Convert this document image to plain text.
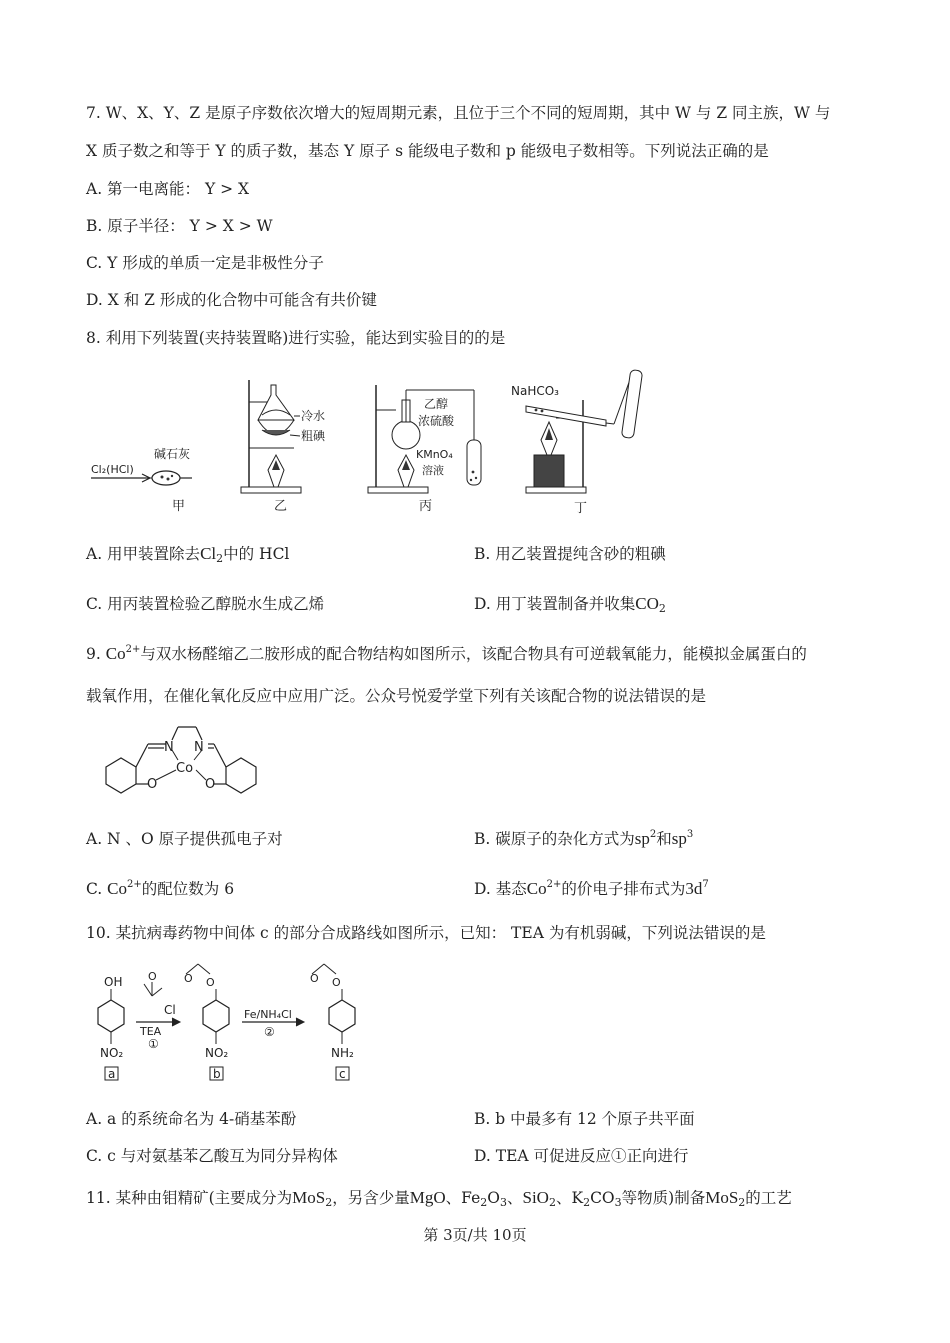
7. W、X、Y、Z 是原子序数依次增大的短周期元素，且位于三个不同的短周期，其中 W 与 Z 同主族，W 与
X 质子数之和等于 Y 的质子数，基态 Y 原子 s 能级电子数和 p 能级电子数相等。下列说法正确的是
A. 第一电离能： Y > X
B. 原子半径： Y > X > W
C. Y 形成的单质一定是非极性分子
D. X 和 Z 形成的化合物中可能含有共价键
8. 利用下列装置(夹持装置略)进行实验，能达到实验目的的是
Cl₂(HCl)
碱石灰
甲
冷水
粗碘
乙
乙醇
浓硫酸
KMnO₄
溶液
丙
NaHCO₃
丁
A. 用甲装置除去$Cl_2$中的 HCl	B. 用乙装置提纯含砂的粗碘
C. 用丙装置检验乙醇脱水生成乙烯	D. 用丁装置制备并收集$CO_2$
9. $Co^{2+}$与双水杨醛缩乙二胺形成的配合物结构如图所示，该配合物具有可逆载氧能力，能模拟金属蛋白的
载氧作用，在催化氧化反应中应用广泛。公众号悦爱学堂下列有关该配合物的说法错误的是
N N
Co
O	O
A. N 、O 原子提供孤电子对	B. 碳原子的杂化方式为$sp^2$和$sp^3$
C. $Co^{2+}$的配位数为 6	D. 基态$Co^{2+}$的价电子排布式为$3d^7$
10. 某抗病毒药物中间体 c 的部分合成路线如图所示，已知： TEA 为有机弱碱，下列说法错误的是
OH
NO₂
a
O
Cl
TEA
①
O O
NO₂
b
Fe/NH₄Cl
②
O O
NH₂
c
A. a 的系统命名为 4-硝基苯酚	B. b 中最多有 12 个原子共平面
C. c 与对氨基苯乙酸互为同分异构体	D. TEA 可促进反应①正向进行
11. 某种由钼精矿(主要成分为MoS$_2$，另含少量MgO、$Fe_2O_3$、SiO$_2$、$K_2CO_3$等物质)制备MoS$_2$的工艺
第 3页/共 10页
